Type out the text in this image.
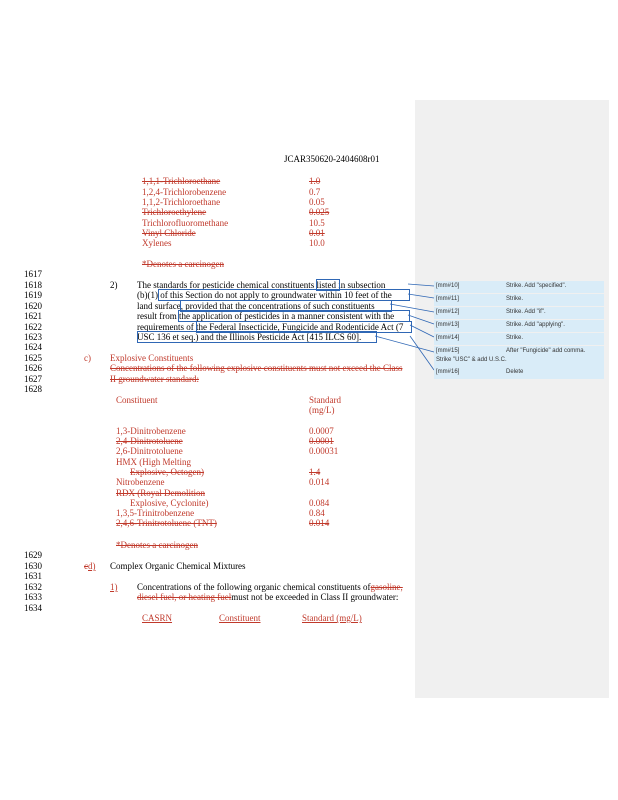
JCAR350620-2404608r01
1,1,1-Trichloroethane	1.0
1,2,4-Trichlorobenzene	0.7
1,1,2-Trichloroethane	0.05
Trichloroethylene	0.025
Trichlorofluoromethane	10.5
Vinyl Chloride	0.01
Xylenes	10.0
*Denotes a carcinogen
1617
1618
1619
1620
1621
1622
1623
1624
1625
1626
1627
1628
2) The standards for pesticide chemical constituents listed in subsection
(b)(1) of this Section do not apply to groundwater within 10 feet of the
land surface, provided that the concentrations of such constituents
result from the application of pesticides in a manner consistent with the
requirements of the Federal Insecticide, Fungicide and Rodenticide Act (7
USC 136 et seq.) and the Illinois Pesticide Act [415 ILCS 60].
[mm#10]	Strike. Add "specified".
[mm#11]	Strike.
[mm#12]	Strike. Add "if".
[mm#13]	Strike. Add "applying".
[mm#14]	Strike.
[mm#15]	After "Fungicide" add comma.
Strike "USC" & add U.S.C.
[mm#16]	Delete
c) Explosive Constituents
Concentrations of the following explosive constituents must not exceed the Class
II groundwater standard:
Constituent	Standard
(mg/L)
1,3-Dinitrobenzene	0.0007
2,4-Dinitrotoluene	0.0001
2,6-Dinitrotoluene	0.00031
HMX (High Melting
Explosive, Octogen)	1.4
Nitrobenzene	0.014
RDX (Royal Demolition
Explosive, Cyclonite)	0.084
1,3,5-Trinitrobenzene	0.84
2,4,6-Trinitrotoluene (TNT)	0.014
*Denotes a carcinogen
1629
1630
1631
1632
1633
1634
cd) Complex Organic Chemical Mixtures
1) Concentrations of the following organic chemical constituents ofgasoline,
diesel fuel, or heating fuelmust not be exceeded in Class II groundwater:
CASRN	Constituent	Standard (mg/L)
